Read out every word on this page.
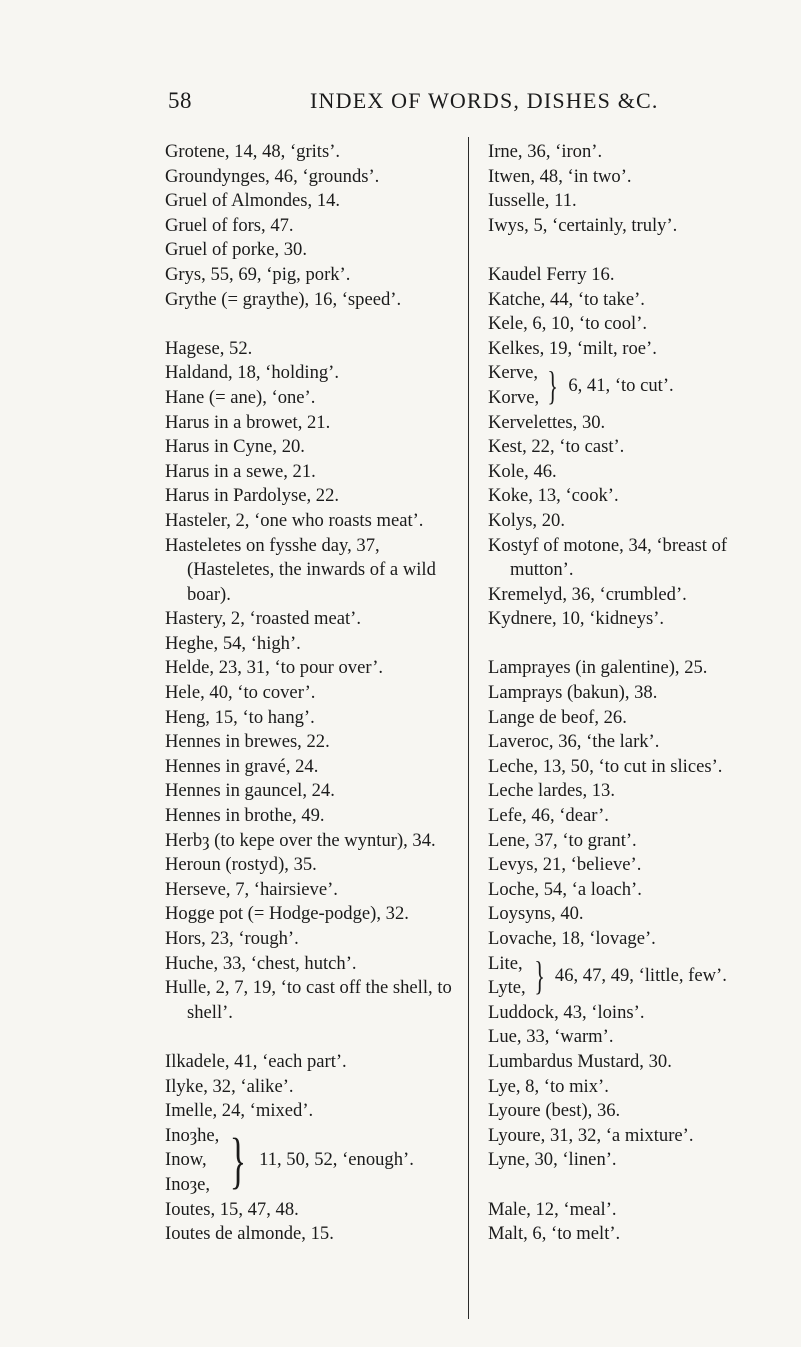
58	INDEX OF WORDS, DISHES &C.
Grotene, 14, 48, ‘grits’.
Groundynges, 46, ‘grounds’.
Gruel of Almondes, 14.
Gruel of fors, 47.
Gruel of porke, 30.
Grys, 55, 69, ‘pig, pork’.
Grythe (= graythe), 16, ‘speed’.
Hagese, 52.
Haldand, 18, ‘holding’.
Hane (= ane), ‘one’.
Harus in a browet, 21.
Harus in Cyne, 20.
Harus in a sewe, 21.
Harus in Pardolyse, 22.
Hasteler, 2, ‘one who roasts meat’.
Hasteletes on fysshe day, 37, (Hasteletes, the inwards of a wild boar).
Hastery, 2, ‘roasted meat’.
Heghe, 54, ‘high’.
Helde, 23, 31, ‘to pour over’.
Hele, 40, ‘to cover’.
Heng, 15, ‘to hang’.
Hennes in brewes, 22.
Hennes in gravé, 24.
Hennes in gauncel, 24.
Hennes in brothe, 49.
Herbȝ (to kepe over the wyntur), 34.
Heroun (rostyd), 35.
Herseve, 7, ‘hairsieve’.
Hogge pot (= Hodge-podge), 32.
Hors, 23, ‘rough’.
Huche, 33, ‘chest, hutch’.
Hulle, 2, 7, 19, ‘to cast off the shell, to shell’.
Ilkadele, 41, ‘each part’.
Ilyke, 32, ‘alike’.
Imelle, 24, ‘mixed’.
Inoȝhe,
Inow,
Inoȝe, } 11, 50, 52, ‘enough’.
Ioutes, 15, 47, 48.
Ioutes de almonde, 15.
Irne, 36, ‘iron’.
Itwen, 48, ‘in two’.
Iusselle, 11.
Iwys, 5, ‘certainly, truly’.
Kaudel Ferry 16.
Katche, 44, ‘to take’.
Kele, 6, 10, ‘to cool’.
Kelkes, 19, ‘milt, roe’.
Kerve,
Korve, } 6, 41, ‘to cut’.
Kervelettes, 30.
Kest, 22, ‘to cast’.
Kole, 46.
Koke, 13, ‘cook’.
Kolys, 20.
Kostyf of motone, 34, ‘breast of mutton’.
Kremelyd, 36, ‘crumbled’.
Kydnere, 10, ‘kidneys’.
Lamprayes (in galentine), 25.
Lamprays (bakun), 38.
Lange de beof, 26.
Laveroc, 36, ‘the lark’.
Leche, 13, 50, ‘to cut in slices’.
Leche lardes, 13.
Lefe, 46, ‘dear’.
Lene, 37, ‘to grant’.
Levys, 21, ‘believe’.
Loche, 54, ‘a loach’.
Loysyns, 40.
Lovache, 18, ‘lovage’.
Lite,
Lyte, } 46, 47, 49, ‘little, few’.
Luddock, 43, ‘loins’.
Lue, 33, ‘warm’.
Lumbardus Mustard, 30.
Lye, 8, ‘to mix’.
Lyoure (best), 36.
Lyoure, 31, 32, ‘a mixture’.
Lyne, 30, ‘linen’.
Male, 12, ‘meal’.
Malt, 6, ‘to melt’.
